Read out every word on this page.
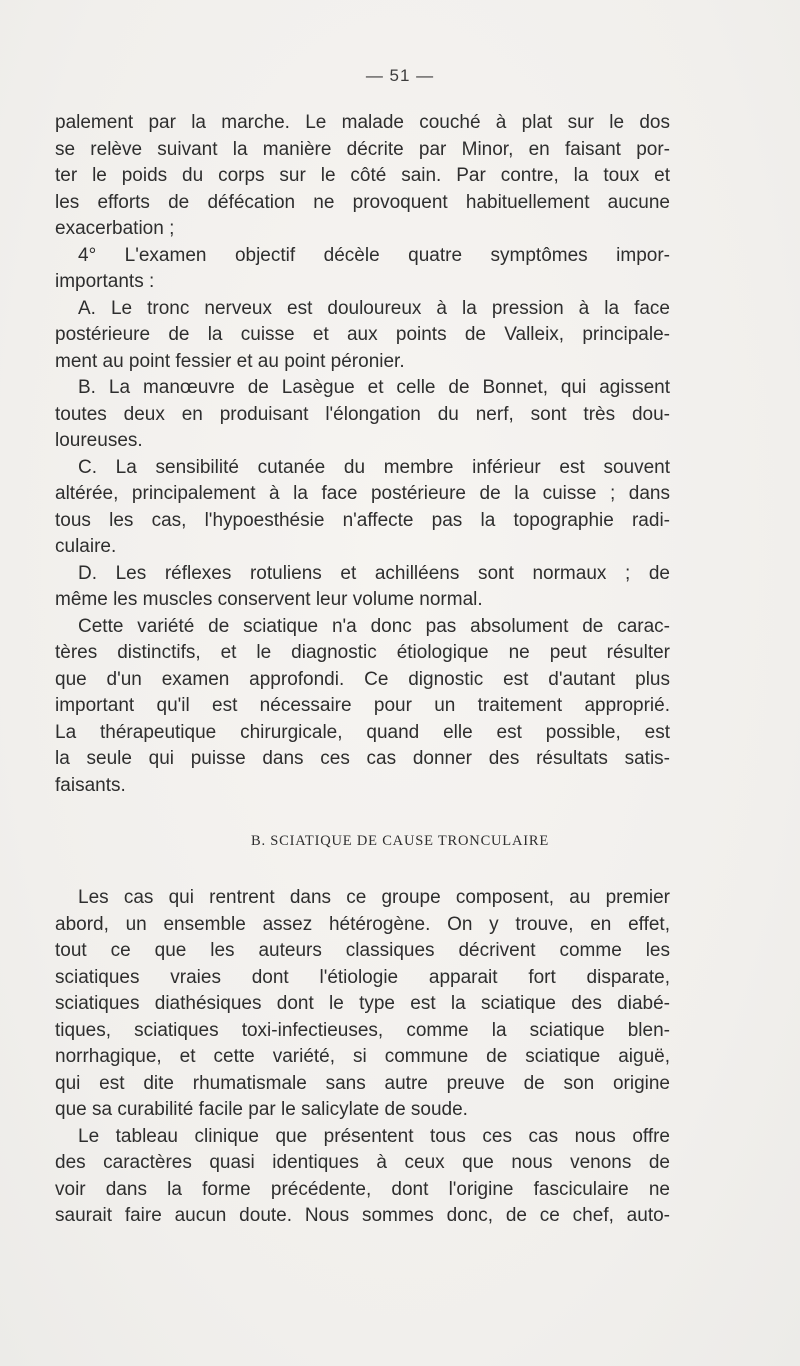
— 51 —

palement par la marche. Le malade couché à plat sur le dos

se relève suivant la manière décrite par Minor, en faisant por-

ter le poids du corps sur le côté sain. Par contre, la toux et

les efforts de défécation ne provoquent habituellement aucune

exacerbation ;

4° L'examen objectif décèle quatre symptômes impor-

importants :

A. Le tronc nerveux est douloureux à la pression à la face

postérieure de la cuisse et aux points de Valleix, principale-

ment au point fessier et au point péronier.

B. La manœuvre de Lasègue et celle de Bonnet, qui agissent

toutes deux en produisant l'élongation du nerf, sont très dou-

loureuses.

C. La sensibilité cutanée du membre inférieur est souvent

altérée, principalement à la face postérieure de la cuisse ; dans

tous les cas, l'hypoesthésie n'affecte pas la topographie radi-

culaire.

D. Les réflexes rotuliens et achilléens sont normaux ; de

même les muscles conservent leur volume normal.

Cette variété de sciatique n'a donc pas absolument de carac-

tères distinctifs, et le diagnostic étiologique ne peut résulter

que d'un examen approfondi. Ce dignostic est d'autant plus

important qu'il est nécessaire pour un traitement approprié.

La thérapeutique chirurgicale, quand elle est possible, est

la seule qui puisse dans ces cas donner des résultats satis-

faisants.

B. SCIATIQUE DE CAUSE TRONCULAIRE

Les cas qui rentrent dans ce groupe composent, au premier

abord, un ensemble assez hétérogène. On y trouve, en effet,

tout ce que les auteurs classiques décrivent comme les

sciatiques vraies dont l'étiologie apparait fort disparate,

sciatiques diathésiques dont le type est la sciatique des diabé-

tiques, sciatiques toxi-infectieuses, comme la sciatique blen-

norrhagique, et cette variété, si commune de sciatique aiguë,

qui est dite rhumatismale sans autre preuve de son origine

que sa curabilité facile par le salicylate de soude.

Le tableau clinique que présentent tous ces cas nous offre

des caractères quasi identiques à ceux que nous venons de

voir dans la forme précédente, dont l'origine fasciculaire ne

saurait faire aucun doute. Nous sommes donc, de ce chef, auto-
